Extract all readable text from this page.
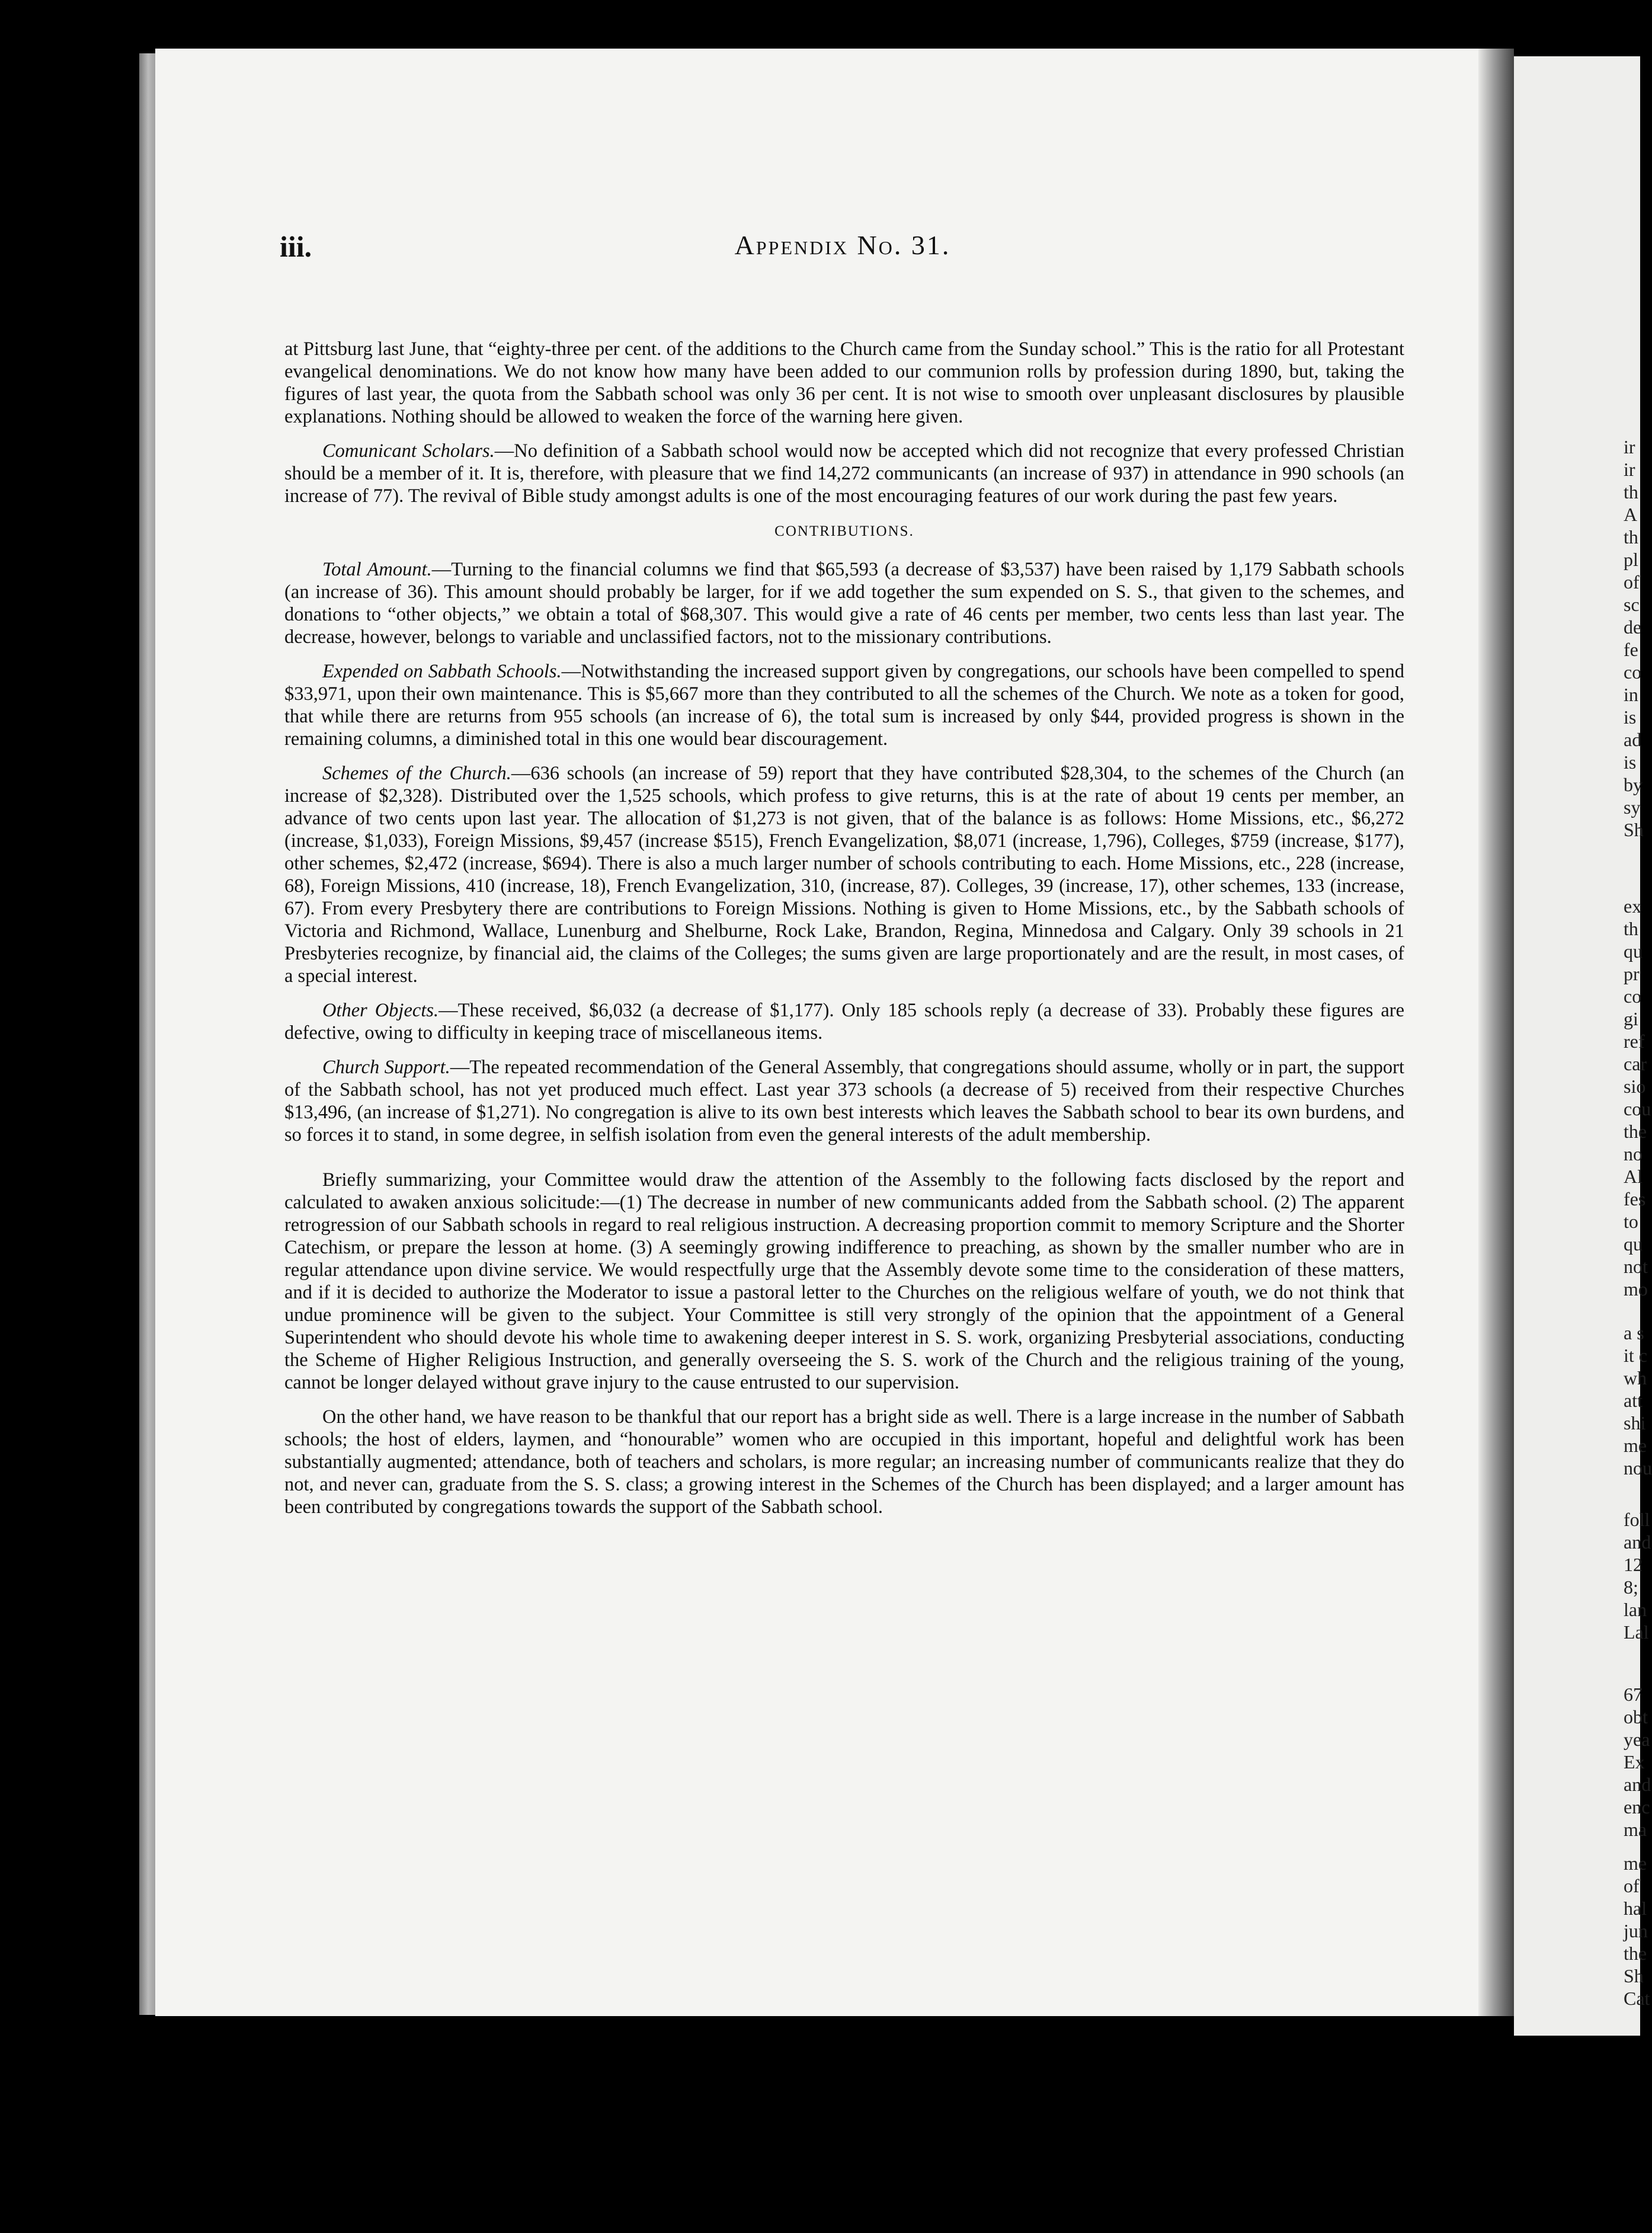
iii.	Appendix No. 31.

at Pittsburg last June, that “eighty-three per cent. of the additions to the Church came from the Sunday school.” This is the ratio for all Protestant evangelical denominations. We do not know how many have been added to our communion rolls by profession during 1890, but, taking the figures of last year, the quota from the Sabbath school was only 36 per cent. It is not wise to smooth over unpleasant disclosures by plausible explanations. Nothing should be allowed to weaken the force of the warning here given.

Comunicant Scholars.—No definition of a Sabbath school would now be accepted which did not recognize that every professed Christian should be a member of it. It is, therefore, with pleasure that we find 14,272 communicants (an increase of 937) in attendance in 990 schools (an increase of 77). The revival of Bible study amongst adults is one of the most encouraging features of our work during the past few years.

CONTRIBUTIONS.

Total Amount.—Turning to the financial columns we find that $65,593 (a decrease of $3,537) have been raised by 1,179 Sabbath schools (an increase of 36). This amount should probably be larger, for if we add together the sum expended on S. S., that given to the schemes, and donations to “other objects,” we obtain a total of $68,307. This would give a rate of 46 cents per member, two cents less than last year. The decrease, however, belongs to variable and unclassified factors, not to the missionary contributions.

Expended on Sabbath Schools.—Notwithstanding the increased support given by congregations, our schools have been compelled to spend $33,971, upon their own maintenance. This is $5,667 more than they contributed to all the schemes of the Church. We note as a token for good, that while there are returns from 955 schools (an increase of 6), the total sum is increased by only $44, provided progress is shown in the remaining columns, a diminished total in this one would bear discouragement.

Schemes of the Church.—636 schools (an increase of 59) report that they have contributed $28,304, to the schemes of the Church (an increase of $2,328). Distributed over the 1,525 schools, which profess to give returns, this is at the rate of about 19 cents per member, an advance of two cents upon last year. The allocation of $1,273 is not given, that of the balance is as follows: Home Missions, etc., $6,272 (increase, $1,033), Foreign Missions, $9,457 (increase $515), French Evangelization, $8,071 (increase, 1,796), Colleges, $759 (increase, $177), other schemes, $2,472 (increase, $694). There is also a much larger number of schools contributing to each. Home Missions, etc., 228 (increase, 68), Foreign Missions, 410 (increase, 18), French Evangelization, 310, (increase, 87). Colleges, 39 (increase, 17), other schemes, 133 (increase, 67). From every Presbytery there are contributions to Foreign Missions. Nothing is given to Home Missions, etc., by the Sabbath schools of Victoria and Richmond, Wallace, Lunenburg and Shelburne, Rock Lake, Brandon, Regina, Minnedosa and Calgary. Only 39 schools in 21 Presbyteries recognize, by financial aid, the claims of the Colleges; the sums given are large proportionately and are the result, in most cases, of a special interest.

Other Objects.—These received, $6,032 (a decrease of $1,177). Only 185 schools reply (a decrease of 33). Probably these figures are defective, owing to difficulty in keeping trace of miscellaneous items.

Church Support.—The repeated recommendation of the General Assembly, that congregations should assume, wholly or in part, the support of the Sabbath school, has not yet produced much effect. Last year 373 schools (a decrease of 5) received from their respective Churches $13,496, (an increase of $1,271). No congregation is alive to its own best interests which leaves the Sabbath school to bear its own burdens, and so forces it to stand, in some degree, in selfish isolation from even the general interests of the adult membership.

Briefly summarizing, your Committee would draw the attention of the Assembly to the following facts disclosed by the report and calculated to awaken anxious solicitude:—(1) The decrease in number of new communicants added from the Sabbath school. (2) The apparent retrogression of our Sabbath schools in regard to real religious instruction. A decreasing proportion commit to memory Scripture and the Shorter Catechism, or prepare the lesson at home. (3) A seemingly growing indifference to preaching, as shown by the smaller number who are in regular attendance upon divine service. We would respectfully urge that the Assembly devote some time to the consideration of these matters, and if it is decided to authorize the Moderator to issue a pastoral letter to the Churches on the religious welfare of youth, we do not think that undue prominence will be given to the subject. Your Committee is still very strongly of the opinion that the appointment of a General Superintendent who should devote his whole time to awakening deeper interest in S. S. work, organizing Presbyterial associations, conducting the Scheme of Higher Religious Instruction, and generally overseeing the S. S. work of the Church and the religious training of the young, cannot be longer delayed without grave injury to the cause entrusted to our supervision.

On the other hand, we have reason to be thankful that our report has a bright side as well. There is a large increase in the number of Sabbath schools; the host of elders, laymen, and “honourable” women who are occupied in this important, hopeful and delightful work has been substantially augmented; attendance, both of teachers and scholars, is more regular; an increasing number of communicants realize that they do not, and never can, graduate from the S. S. class; a growing interest in the Schemes of the Church has been displayed; and a larger amount has been contributed by congregations towards the support of the Sabbath school.

ir

ir

th

A

th

pl

of

sc

de

fe

co

in

is

ad

is

by

sy

Sh

ex

th

qu

pr

co

gi

ref

car

sio

cou

the

no

Al

fes

to

qu

not

mo

a s

it c

wh

att

shi

me

nou

foll

and

12

8;

lan

Lal

67

obt

yea

Ex

and

enc

ma

me

of

hal

jun

the

Sh

Cat
